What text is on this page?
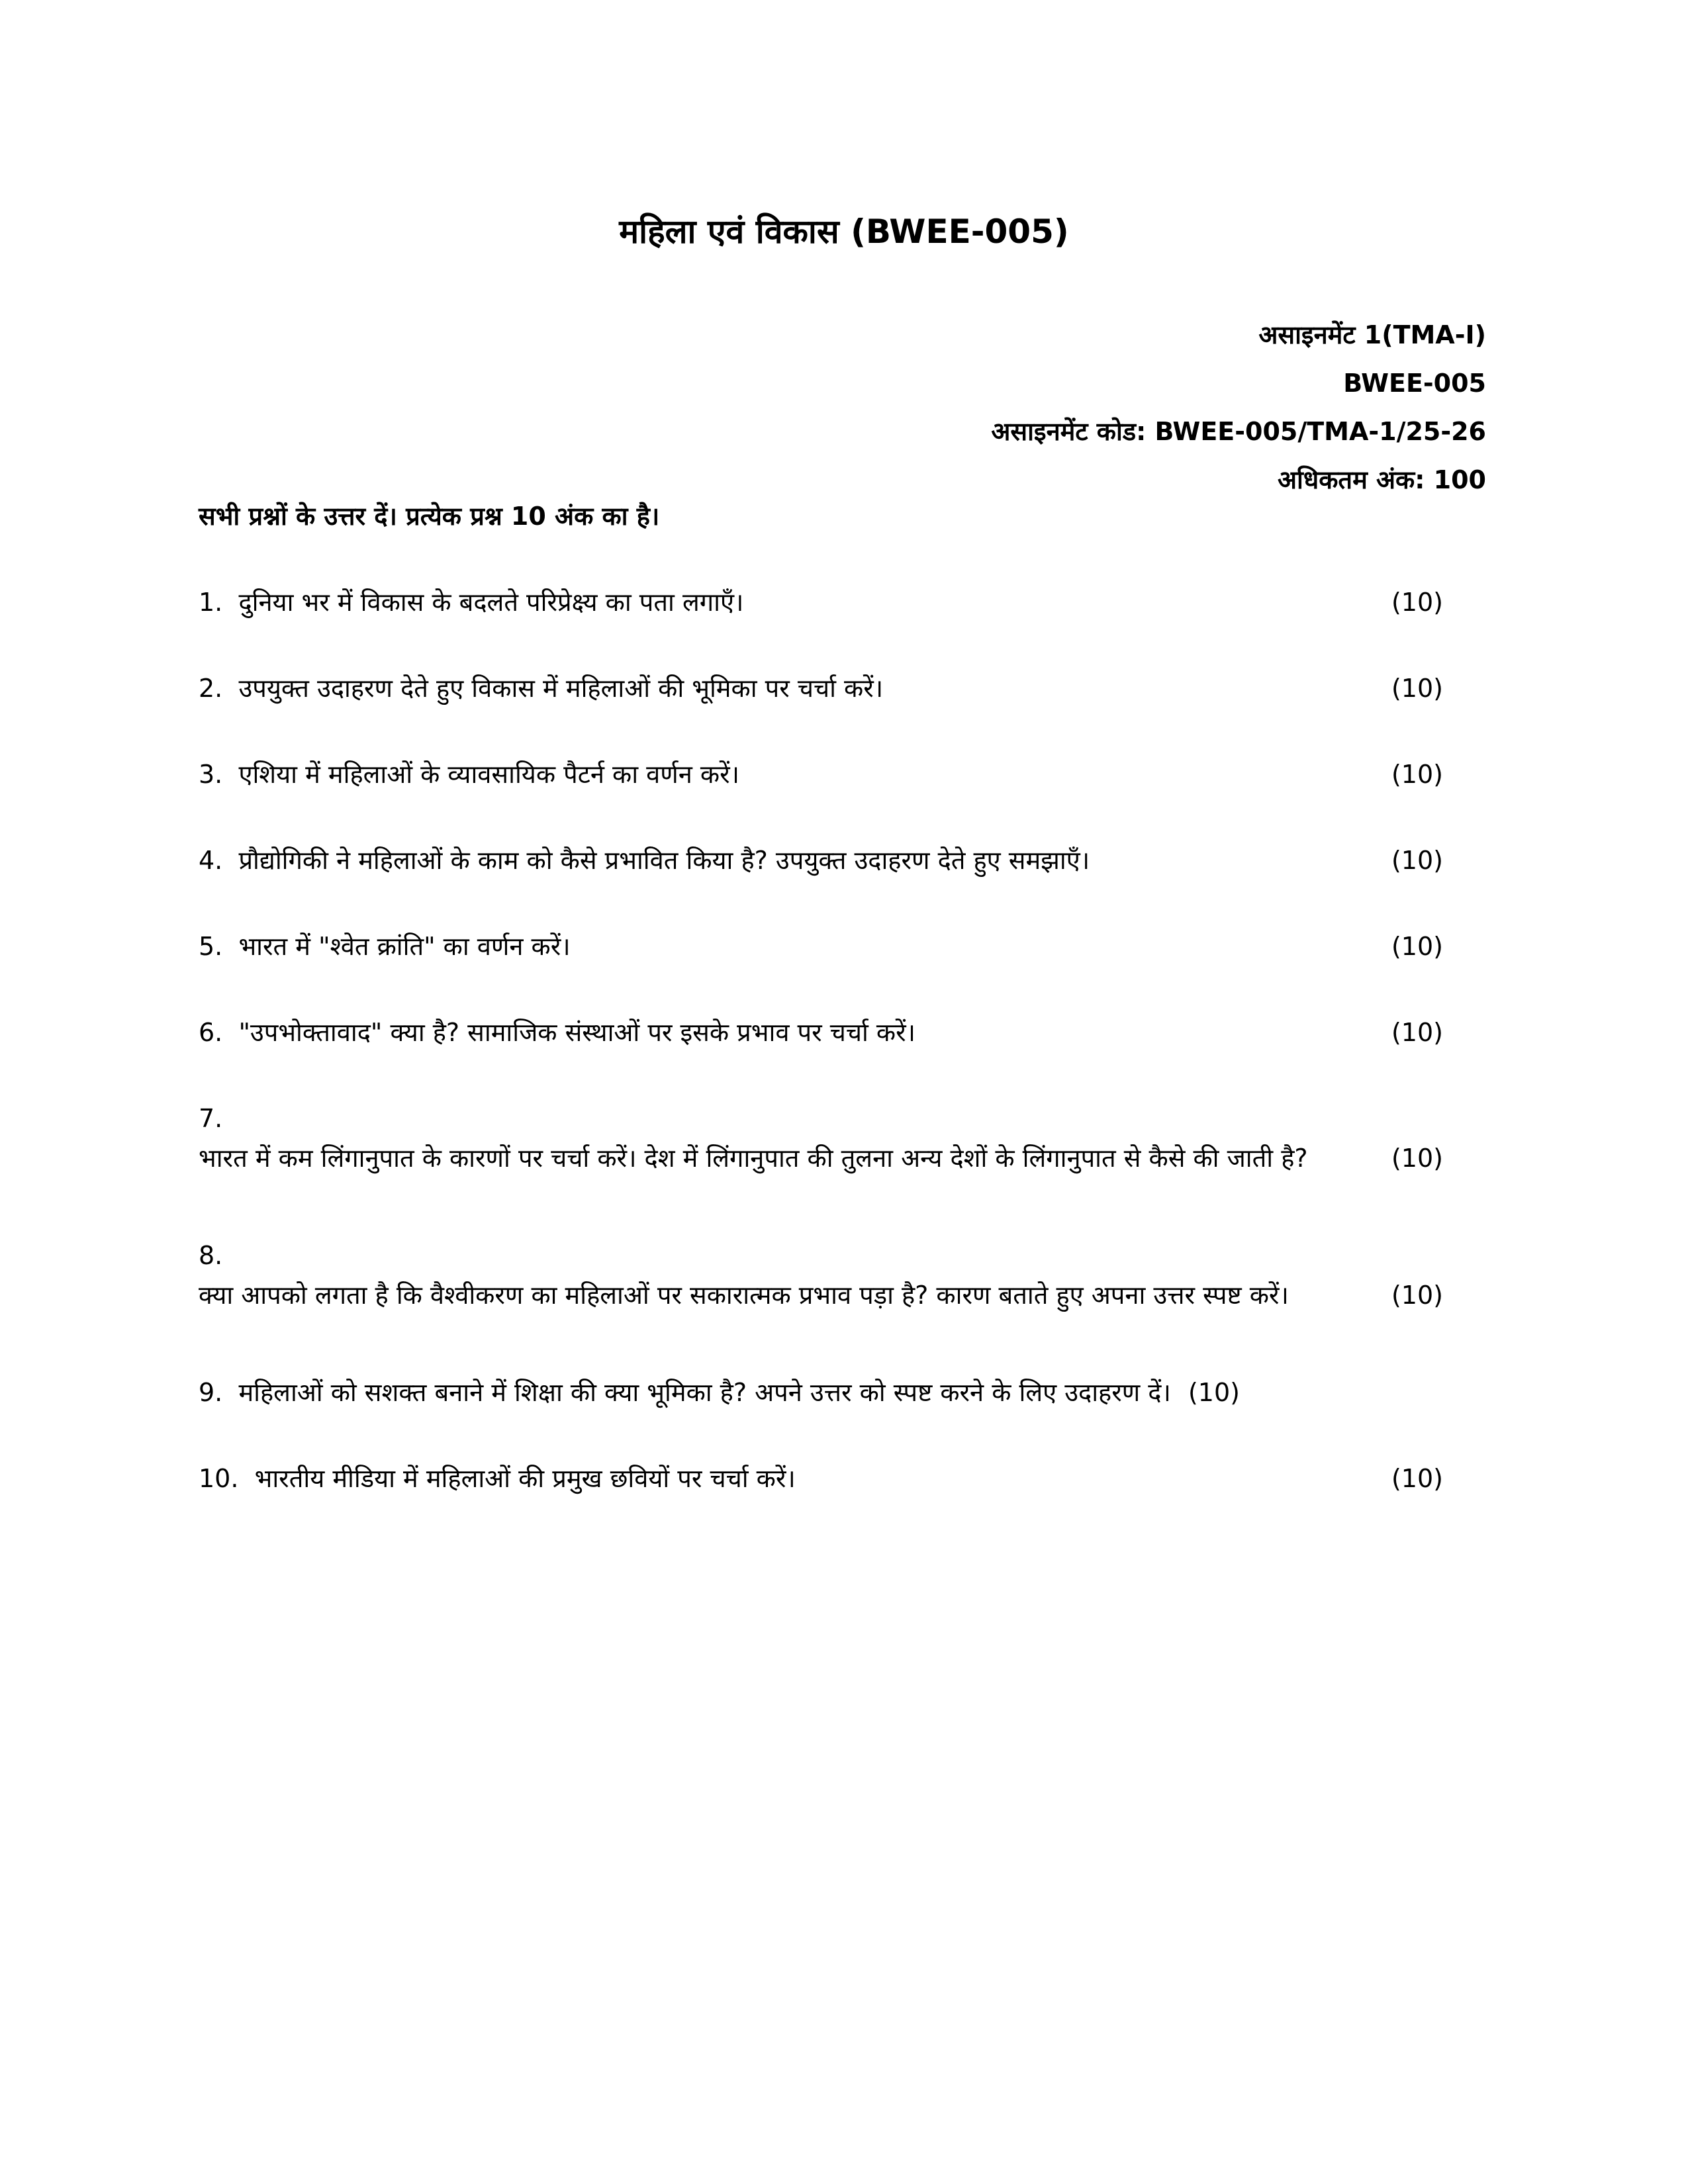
महिला एवं विकास (BWEE-005)
असाइनमेंट 1(TMA-I)
BWEE-005
असाइनमेंट कोड: BWEE-005/TMA-1/25-26
अधिकतम अंक: 100
सभी प्रश्नों के उत्तर दें। प्रत्येक प्रश्न 10 अंक का है।
1.  दुनिया भर में विकास के बदलते परिप्रेक्ष्य का पता लगाएँ।	(10)
2.  उपयुक्त उदाहरण देते हुए विकास में महिलाओं की भूमिका पर चर्चा करें।	(10)
3.  एशिया में महिलाओं के व्यावसायिक पैटर्न का वर्णन करें।	(10)
4.  प्रौद्योगिकी ने महिलाओं के काम को कैसे प्रभावित किया है? उपयुक्त उदाहरण देते हुए समझाएँ।	(10)
5.  भारत में "श्वेत क्रांति" का वर्णन करें।	(10)
6.  "उपभोक्तावाद" क्या है? सामाजिक संस्थाओं पर इसके प्रभाव पर चर्चा करें।	(10)
7.
भारत में कम लिंगानुपात के कारणों पर चर्चा करें। देश में लिंगानुपात की तुलना अन्य देशों के लिंगानुपात से कैसे की जाती है?	(10)
8.
क्या आपको लगता है कि वैश्वीकरण का महिलाओं पर सकारात्मक प्रभाव पड़ा है? कारण बताते हुए अपना उत्तर स्पष्ट करें।	(10)
9.  महिलाओं को सशक्त बनाने में शिक्षा की क्या भूमिका है? अपने उत्तर को स्पष्ट करने के लिए उदाहरण दें। (10)
10.  भारतीय मीडिया में महिलाओं की प्रमुख छवियों पर चर्चा करें।	(10)
